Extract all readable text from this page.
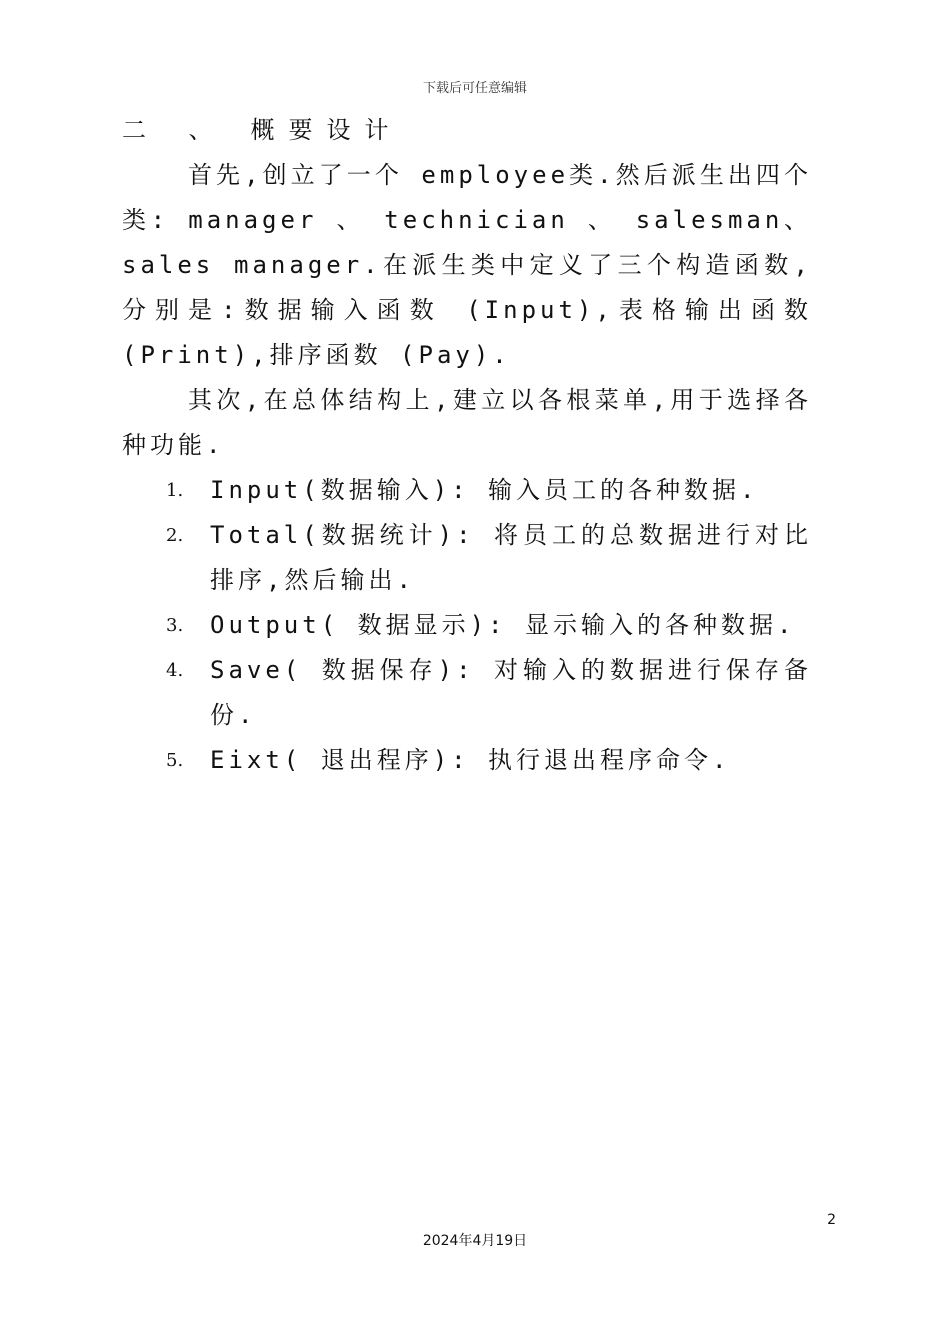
下载后可任意编辑
二 、 概要设计

首先,创立了一个 employee类.然后派生出四个类: manager 、 technician 、 salesman、 sales manager.在派生类中定义了三个构造函数,分别是:数据输入函数 (Input),表格输出函数 (Print),排序函数 (Pay).

其次,在总体结构上,建立以各根菜单,用于选择各种功能.

1. Input(数据输入): 输入员工的各种数据.
2. Total(数据统计): 将员工的总数据进行对比排序,然后输出.
3. Output( 数据显示): 显示输入的各种数据.
4. Save( 数据保存): 对输入的数据进行保存备份.
5. Eixt( 退出程序): 执行退出程序命令.
2
2024年4月19日
